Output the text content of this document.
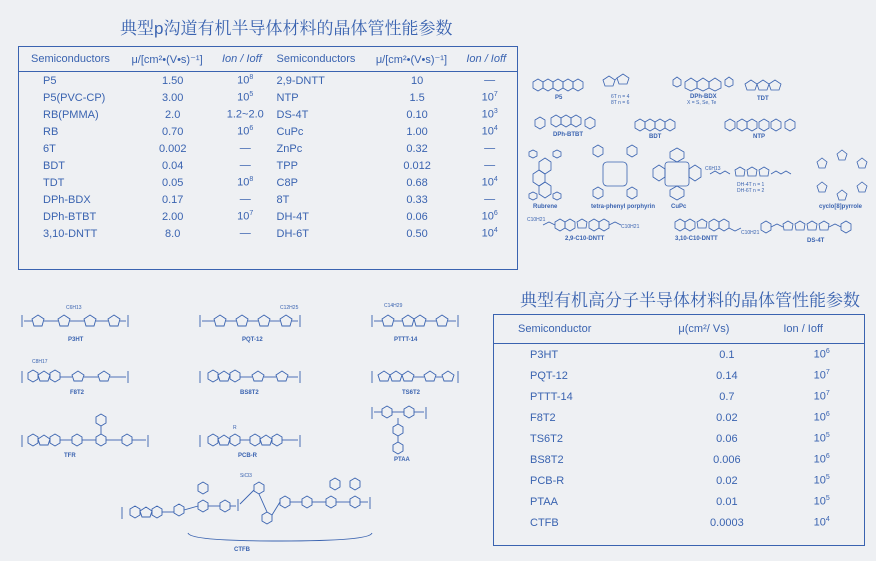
典型p沟道有机半导体材料的晶体管性能参数
Semiconductors	μ/[cm²•(V•s)⁻¹]	Ion / Ioff	Semiconductors	μ/[cm²•(V•s)⁻¹]	Ion / Ioff
P5	1.50	$10^8$	2,9-DNTT	10	—
P5(PVC-CP)	3.00	$10^5$	NTP	1.5	$10^7$
RB(PMMA)	2.0	1.2~2.0	DS-4T	0.10	$10^3$
RB	0.70	$10^6$	CuPc	1.00	$10^4$
6T	0.002	—	ZnPc	0.32	—
BDT	0.04	—	TPP	0.012	—
TDT	0.05	$10^8$	C8P	0.68	$10^4$
DPh-BDX	0.17	—	8T	0.33	—
DPh-BTBT	2.00	$10^7$	DH-4T	0.06	$10^6$
3,10-DNTT	8.0	—	DH-6T	0.50	$10^4$
P5	6T n = 4
8T n = 6
DPh-BDX
X = S, Se, Te
TDT
DPh-BTBT	BDT	NTP
Rubrene	tetra-phenyl porphyrin	CuPc
C6H13
DH-4T n = 1
DH-6T n = 2
cyclo[8]pyrrole
C10H21
C10H21
C10H21
2,9-C10-DNTT	3,10-C10-DNTT	DS-4T
P3HT	PQT-12	PTTT-14
F8T2	BS8T2	TS6T2
TFR	PCB-R
PTAA
CTFB
C6H13	C12H25	C14H29
C8H17
R
SiCl3
典型有机高分子半导体材料的晶体管性能参数
Semiconductor	μ(cm²/ Vs)	Ion / Ioff
P3HT	0.1	$10^6$
PQT-12	0.14	$10^7$
PTTT-14	0.7	$10^7$
F8T2	0.02	$10^6$
TS6T2	0.06	$10^5$
BS8T2	0.006	$10^6$
PCB-R	0.02	$10^5$
PTAA	0.01	$10^5$
CTFB	0.0003	$10^4$
